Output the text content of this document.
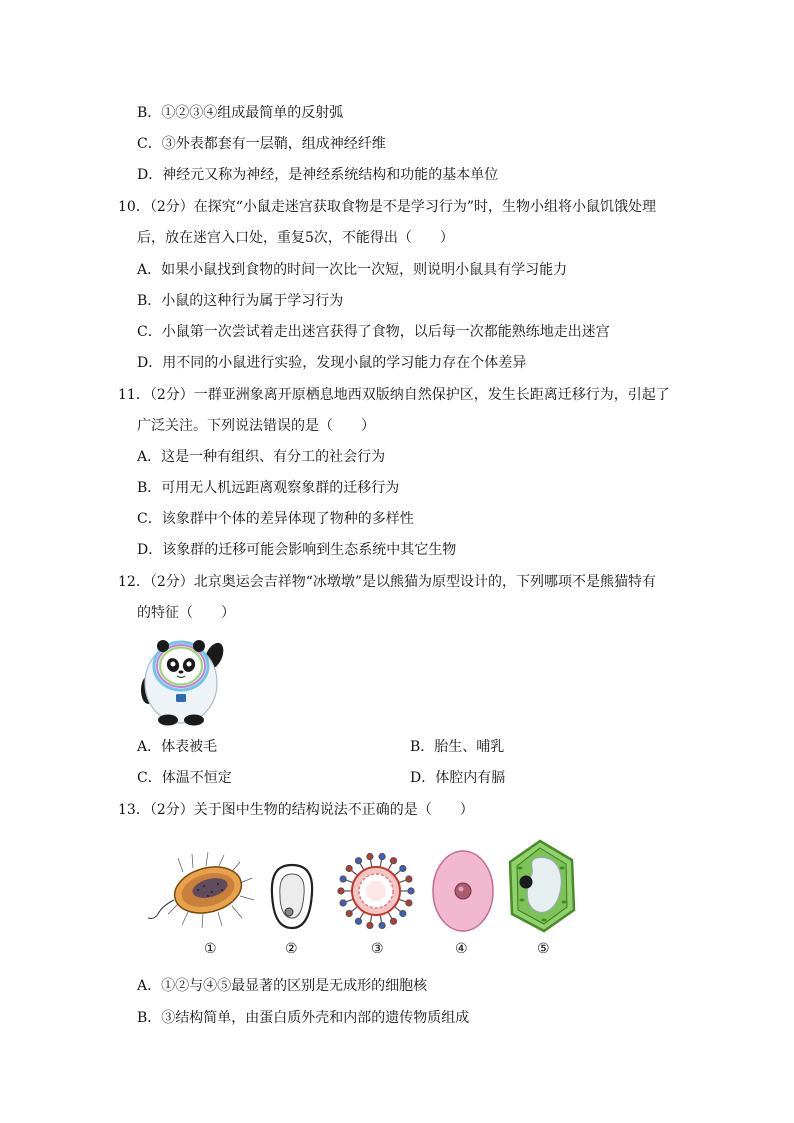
B．①②③④组成最简单的反射弧
C．③外表都套有一层鞘，组成神经纤维
D．神经元又称为神经，是神经系统结构和功能的基本单位
10．（2分）在探究“小鼠走迷宫获取食物是不是学习行为”时，生物小组将小鼠饥饿处理
后，放在迷宫入口处，重复5次，不能得出（　　）
A．如果小鼠找到食物的时间一次比一次短，则说明小鼠具有学习能力
B．小鼠的这种行为属于学习行为
C．小鼠第一次尝试着走出迷宫获得了食物，以后每一次都能熟练地走出迷宫
D．用不同的小鼠进行实验，发现小鼠的学习能力存在个体差异
11．（2分）一群亚洲象离开原栖息地西双版纳自然保护区，发生长距离迁移行为，引起了
广泛关注。下列说法错误的是（　　）
A．这是一种有组织、有分工的社会行为
B．可用无人机远距离观察象群的迁移行为
C．该象群中个体的差异体现了物种的多样性
D．该象群的迁移可能会影响到生态系统中其它生物
12．（2分）北京奥运会吉祥物“冰墩墩”是以熊猫为原型设计的，下列哪项不是熊猫特有
的特征（　　）
A．体表被毛	B．胎生、哺乳
C．体温不恒定	D．体腔内有膈
13．（2分）关于图中生物的结构说法不正确的是（　　）
①	②	③	④	⑤
A．①②与④⑤最显著的区别是无成形的细胞核
B．③结构简单，由蛋白质外壳和内部的遗传物质组成
